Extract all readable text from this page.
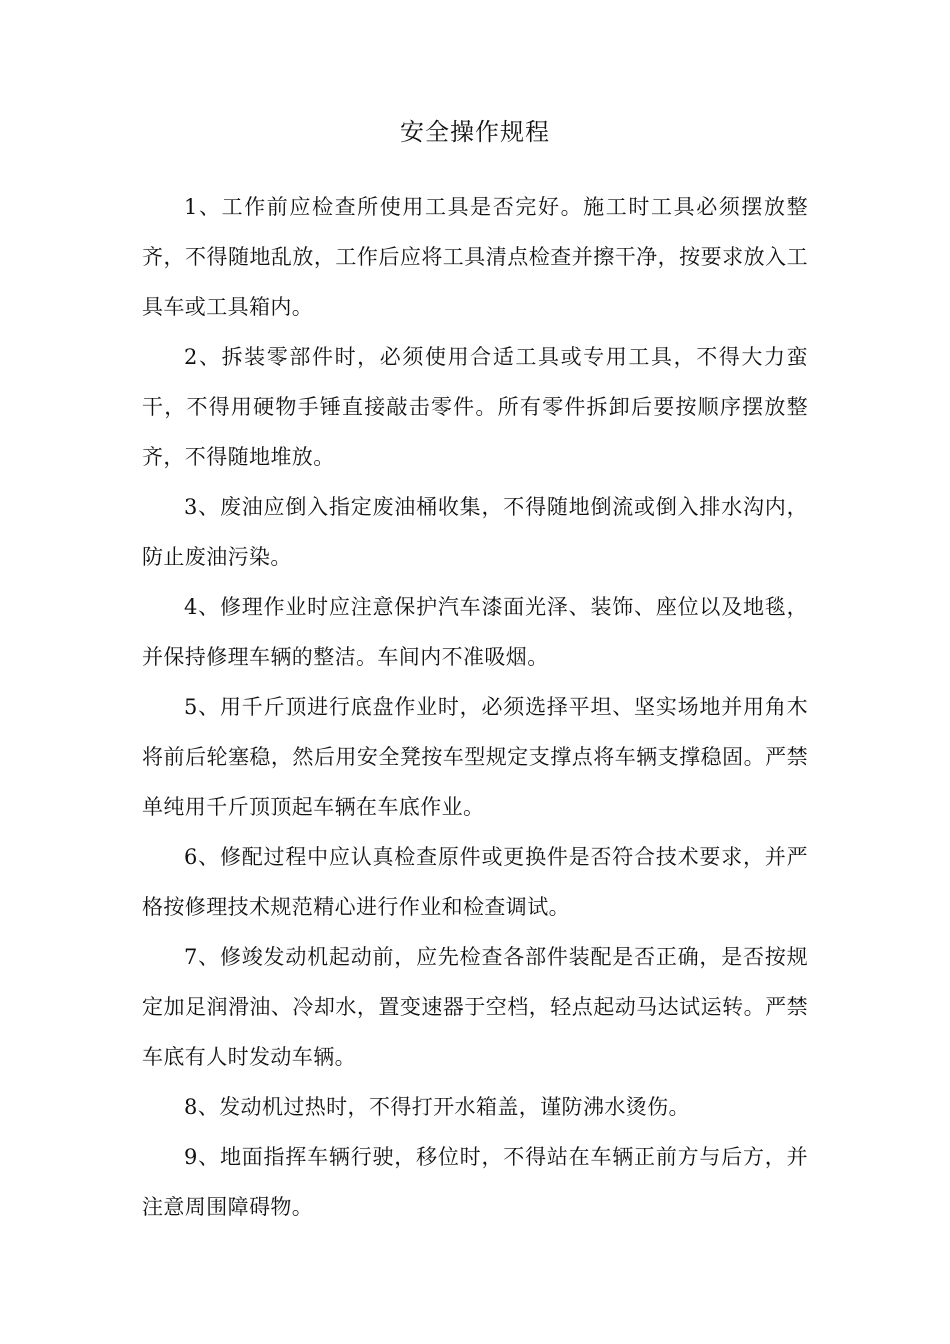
安全操作规程

1、工作前应检查所使用工具是否完好。施工时工具必须摆放整齐，不得随地乱放，工作后应将工具清点检查并擦干净，按要求放入工具车或工具箱内。

2、拆装零部件时，必须使用合适工具或专用工具，不得大力蛮干，不得用硬物手锤直接敲击零件。所有零件拆卸后要按顺序摆放整齐，不得随地堆放。

3、废油应倒入指定废油桶收集，不得随地倒流或倒入排水沟内，防止废油污染。

4、修理作业时应注意保护汽车漆面光泽、装饰、座位以及地毯，并保持修理车辆的整洁。车间内不准吸烟。

5、用千斤顶进行底盘作业时，必须选择平坦、坚实场地并用角木将前后轮塞稳，然后用安全凳按车型规定支撑点将车辆支撑稳固。严禁单纯用千斤顶顶起车辆在车底作业。

6、修配过程中应认真检查原件或更换件是否符合技术要求，并严格按修理技术规范精心进行作业和检查调试。

7、修竣发动机起动前，应先检查各部件装配是否正确，是否按规定加足润滑油、冷却水，置变速器于空档，轻点起动马达试运转。严禁车底有人时发动车辆。

8、发动机过热时，不得打开水箱盖，谨防沸水烫伤。

9、地面指挥车辆行驶，移位时，不得站在车辆正前方与后方，并注意周围障碍物。
